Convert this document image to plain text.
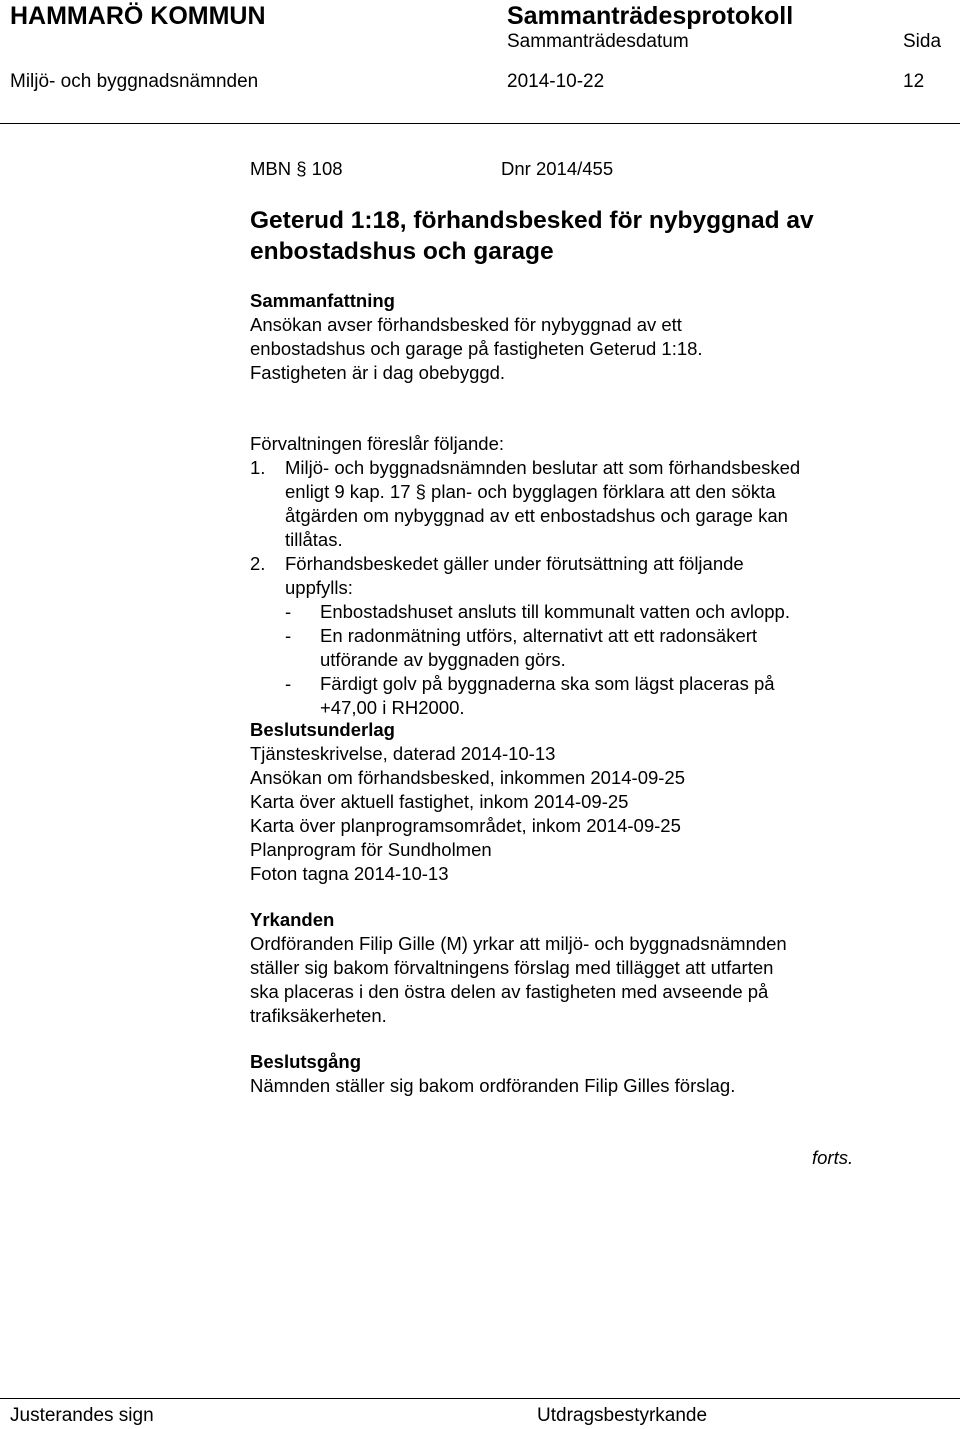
HAMMARÖ KOMMUN	Sammanträdesprotokoll
Sammanträdesdatum	Sida
Miljö- och byggnadsnämnden	2014-10-22	12
MBN § 108	Dnr 2014/455
Geterud 1:18, förhandsbesked för nybyggnad av
enbostadshus och garage
Sammanfattning
Ansökan avser förhandsbesked för nybyggnad av ett
enbostadshus och garage på fastigheten Geterud 1:18.
Fastigheten är i dag obebyggd.
Förvaltningen föreslår följande:
1. Miljö- och byggnadsnämnden beslutar att som förhandsbesked
enligt 9 kap. 17 § plan- och bygglagen förklara att den sökta
åtgärden om nybyggnad av ett enbostadshus och garage kan
tillåtas.
2. Förhandsbeskedet gäller under förutsättning att följande
uppfylls:
- Enbostadshuset ansluts till kommunalt vatten och avlopp.
- En radonmätning utförs, alternativt att ett radonsäkert
utförande av byggnaden görs.
- Färdigt golv på byggnaderna ska som lägst placeras på
+47,00 i RH2000.
Beslutsunderlag
Tjänsteskrivelse, daterad 2014-10-13
Ansökan om förhandsbesked, inkommen 2014-09-25
Karta över aktuell fastighet, inkom 2014-09-25
Karta över planprogramsområdet, inkom 2014-09-25
Planprogram för Sundholmen
Foton tagna 2014-10-13
Yrkanden
Ordföranden Filip Gille (M) yrkar att miljö- och byggnadsnämnden
ställer sig bakom förvaltningens förslag med tillägget att utfarten
ska placeras i den östra delen av fastigheten med avseende på
trafiksäkerheten.
Beslutsgång
Nämnden ställer sig bakom ordföranden Filip Gilles förslag.
forts.
Justerandes sign	Utdragsbestyrkande
